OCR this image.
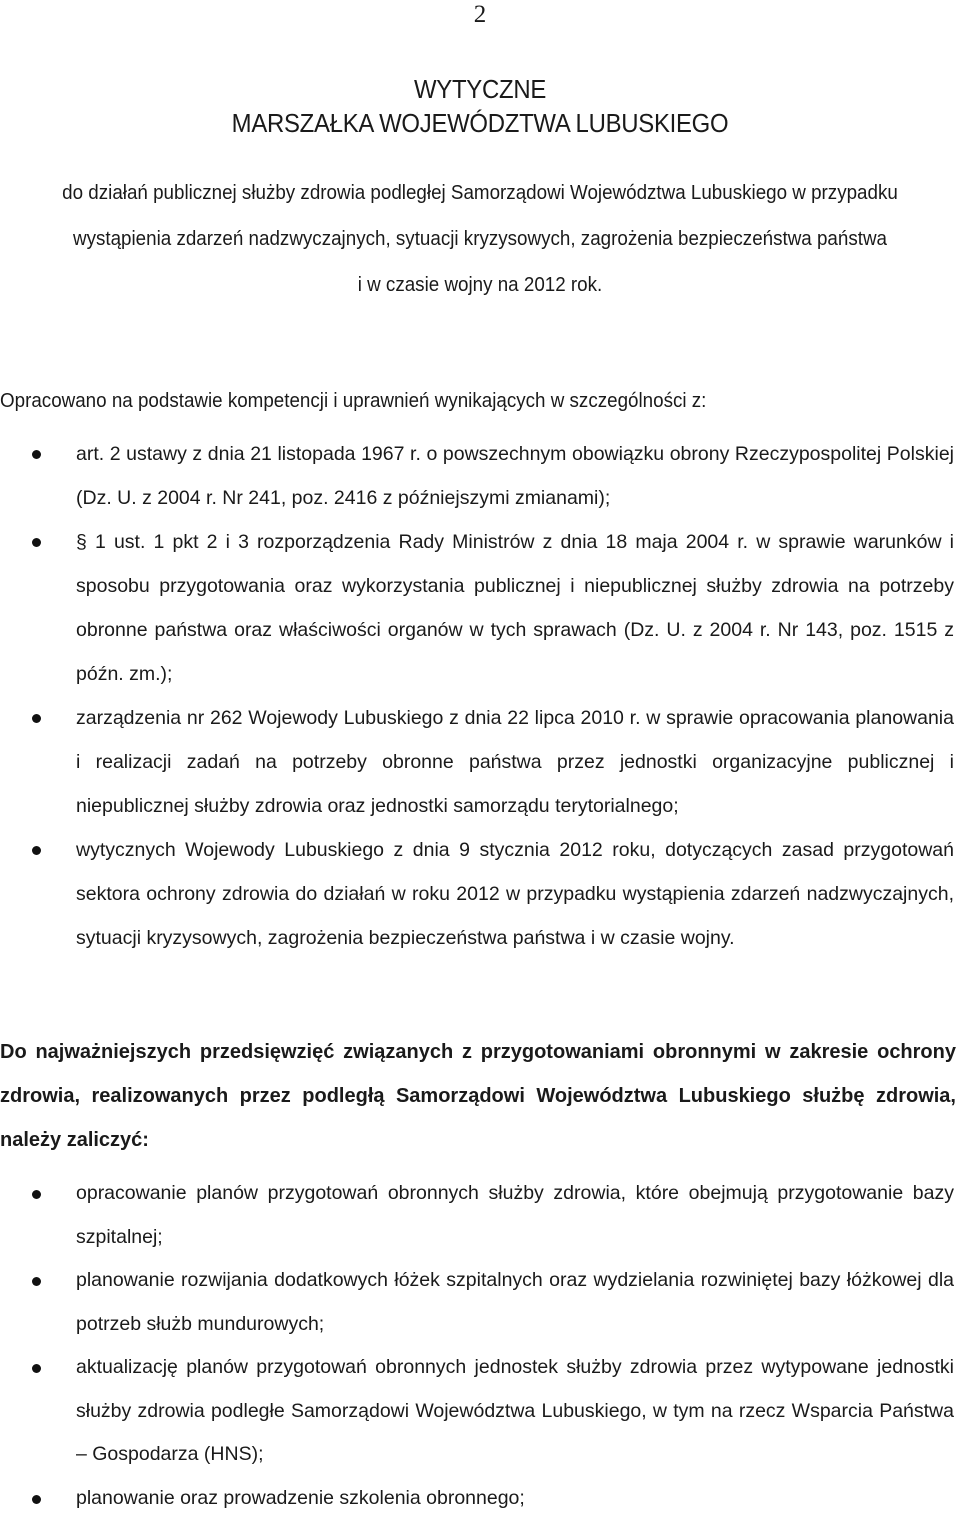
2
WYTYCZNE
MARSZAŁKA WOJEWÓDZTWA LUBUSKIEGO
do działań publicznej służby zdrowia podległej Samorządowi Województwa Lubuskiego w przypadku
wystąpienia zdarzeń nadzwyczajnych, sytuacji kryzysowych, zagrożenia bezpieczeństwa państwa
i w czasie wojny na 2012 rok.
Opracowano na podstawie kompetencji i uprawnień wynikających w szczególności z:
art. 2 ustawy z dnia 21 listopada 1967 r. o powszechnym obowiązku obrony Rzeczypospolitej Polskiej (Dz. U. z 2004 r. Nr 241, poz. 2416 z późniejszymi zmianami);
§ 1 ust. 1 pkt 2 i 3 rozporządzenia Rady Ministrów z dnia 18 maja 2004 r. w sprawie warunków i sposobu przygotowania oraz wykorzystania publicznej i niepublicznej służby zdrowia na potrzeby obronne państwa oraz właściwości organów w tych sprawach (Dz. U. z 2004 r. Nr 143, poz. 1515 z późn. zm.);
zarządzenia nr 262 Wojewody Lubuskiego z dnia 22 lipca 2010 r. w sprawie opracowania planowania i realizacji zadań na potrzeby obronne państwa przez jednostki organizacyjne publicznej i niepublicznej służby zdrowia oraz jednostki samorządu terytorialnego;
wytycznych Wojewody Lubuskiego z dnia 9 stycznia 2012 roku, dotyczących zasad przygotowań sektora ochrony zdrowia do działań w roku 2012 w przypadku wystąpienia zdarzeń nadzwyczajnych, sytuacji kryzysowych, zagrożenia bezpieczeństwa państwa i w czasie wojny.
Do najważniejszych przedsięwzięć związanych z przygotowaniami obronnymi w zakresie ochrony zdrowia, realizowanych przez podległą Samorządowi Województwa Lubuskiego służbę zdrowia, należy zaliczyć:
opracowanie planów przygotowań obronnych służby zdrowia, które obejmują przygotowanie bazy szpitalnej;
planowanie rozwijania dodatkowych łóżek szpitalnych oraz wydzielania rozwiniętej bazy łóżkowej dla potrzeb służb mundurowych;
aktualizację planów przygotowań obronnych jednostek służby zdrowia przez wytypowane jednostki służby zdrowia podległe Samorządowi Województwa Lubuskiego, w tym na rzecz Wsparcia Państwa – Gospodarza (HNS);
planowanie oraz prowadzenie szkolenia obronnego;
